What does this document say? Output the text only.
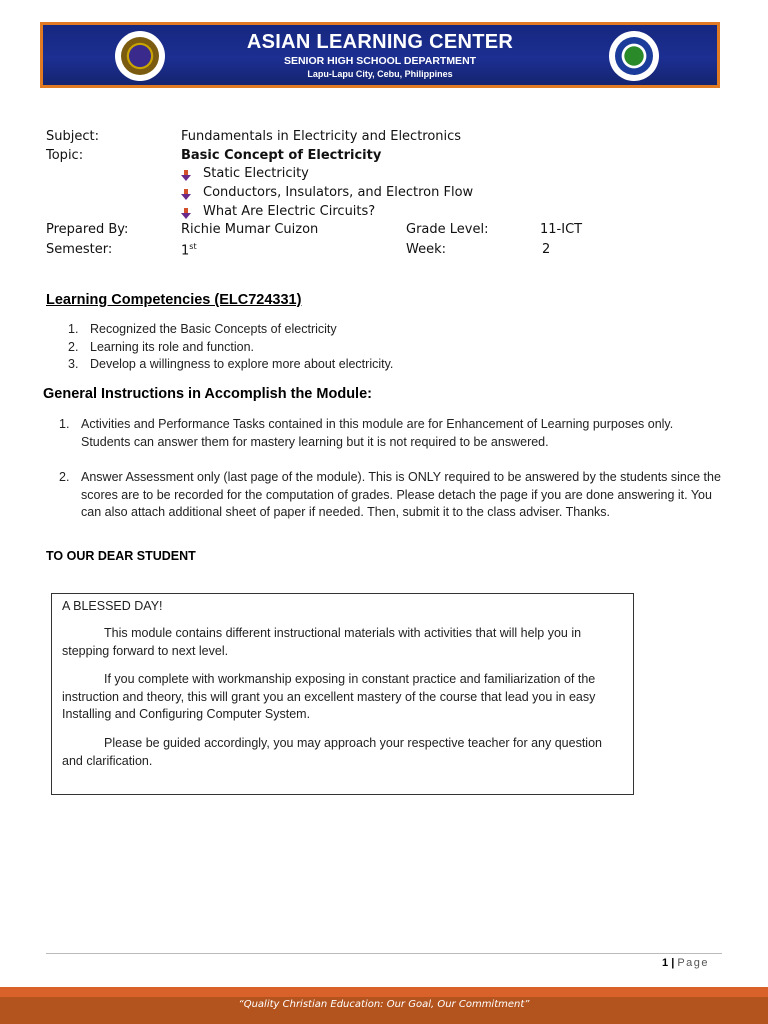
ASIAN LEARNING CENTER
SENIOR HIGH SCHOOL DEPARTMENT
Lapu-Lapu City, Cebu, Philippines
Subject:	Fundamentals in Electricity and Electronics
Topic:	Basic Concept of Electricity
Static Electricity
Conductors, Insulators, and Electron Flow
What Are Electric Circuits?
Prepared By:	Richie Mumar Cuizon	Grade Level:	11-ICT
Semester:	1st	Week:	2
Learning Competencies (ELC724331)
1. Recognized the Basic Concepts of electricity
2. Learning its role and function.
3. Develop a willingness to explore more about electricity.
General Instructions in Accomplish the Module:
1. Activities and Performance Tasks contained in this module are for Enhancement of Learning purposes only. Students can answer them for mastery learning but it is not required to be answered.
2. Answer Assessment only (last page of the module). This is ONLY required to be answered by the students since the scores are to be recorded for the computation of grades. Please detach the page if you are done answering it. You can also attach additional sheet of paper if needed. Then, submit it to the class adviser. Thanks.
TO OUR DEAR STUDENT
A BLESSED DAY!
This module contains different instructional materials with activities that will help you in stepping forward to next level.
If you complete with workmanship exposing in constant practice and familiarization of the instruction and theory, this will grant you an excellent mastery of the course that lead you in easy Installing and Configuring Computer System.
Please be guided accordingly, you may approach your respective teacher for any question and clarification.
1 | Page
“Quality Christian Education: Our Goal, Our Commitment”
